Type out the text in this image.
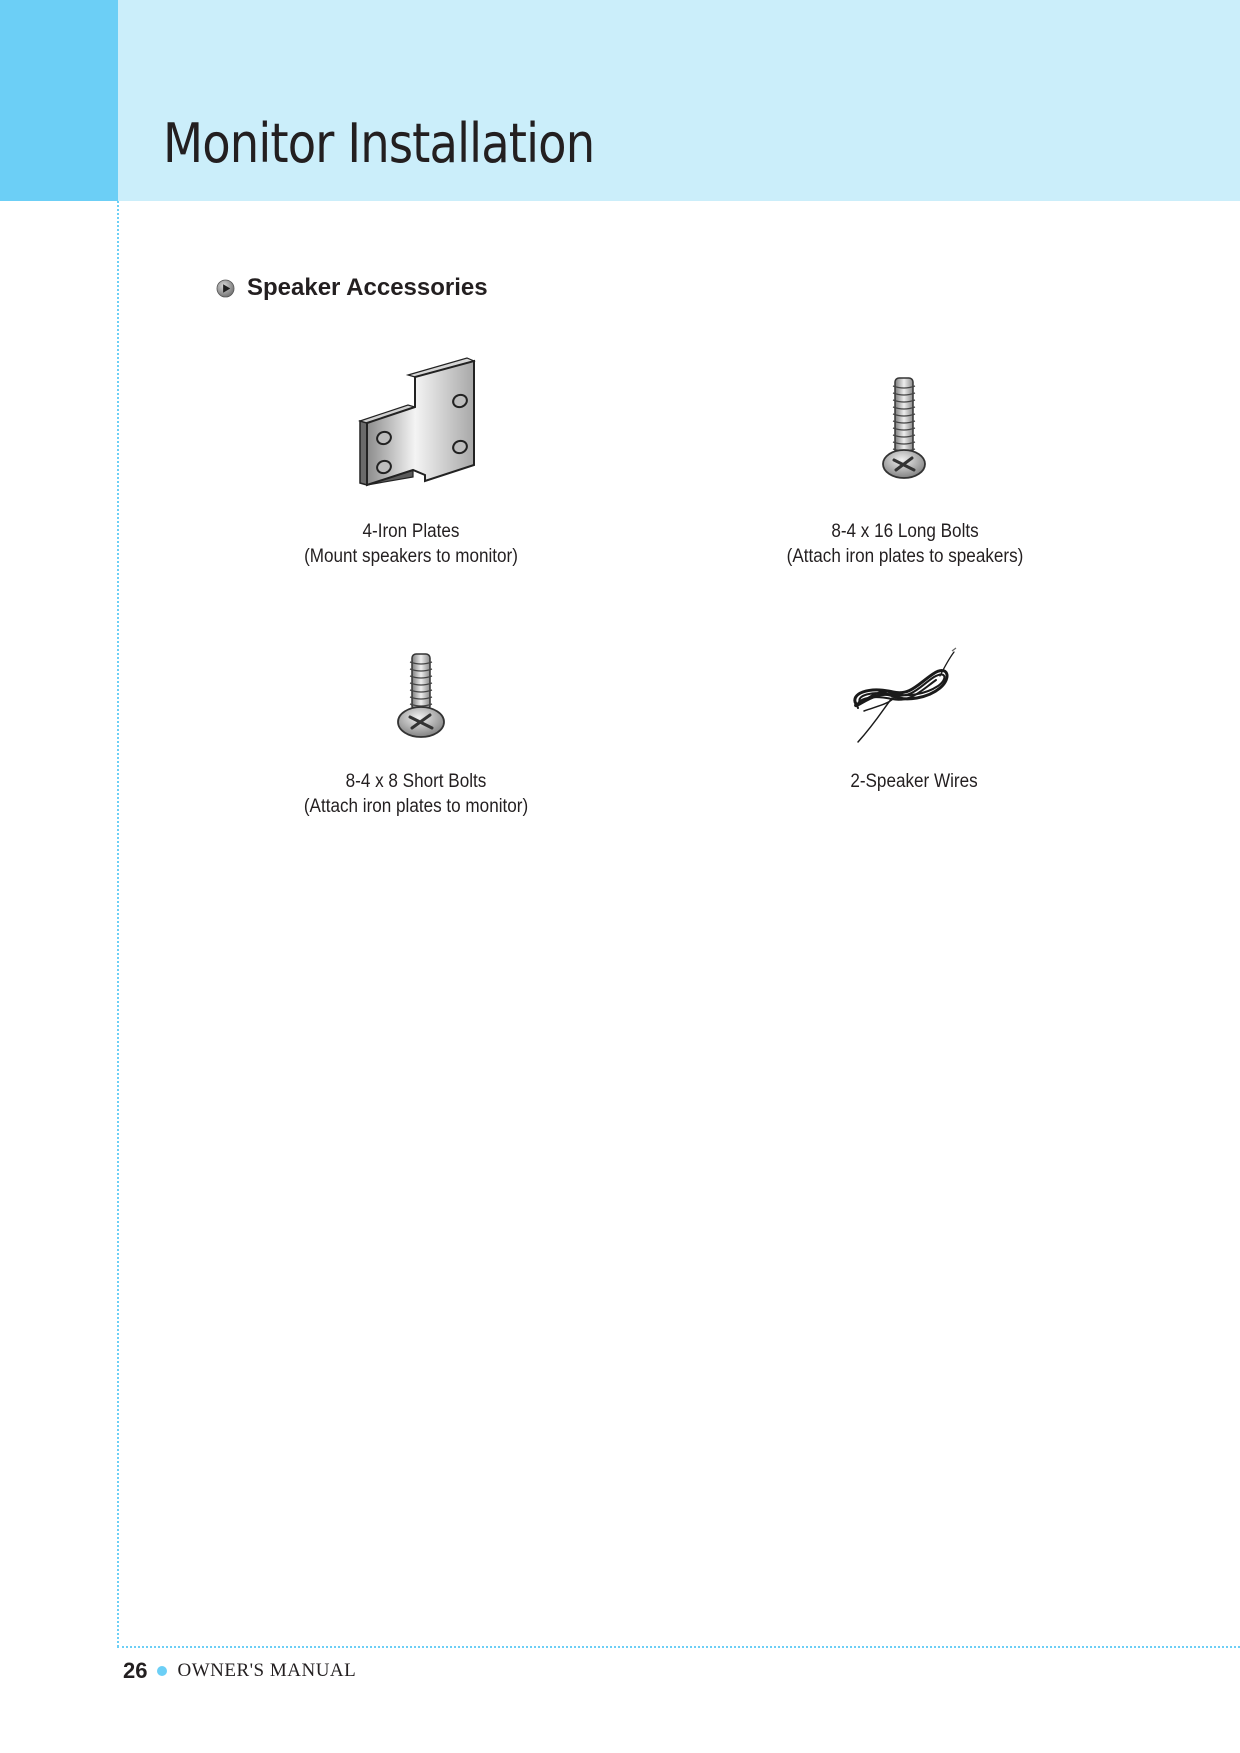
Monitor Installation
Speaker Accessories
4-Iron Plates
(Mount speakers to monitor)
8-4 x 16 Long Bolts
(Attach iron plates to speakers)
8-4 x 8 Short Bolts
(Attach iron plates to monitor)
2-Speaker Wires
26 OWNER'S MANUAL
